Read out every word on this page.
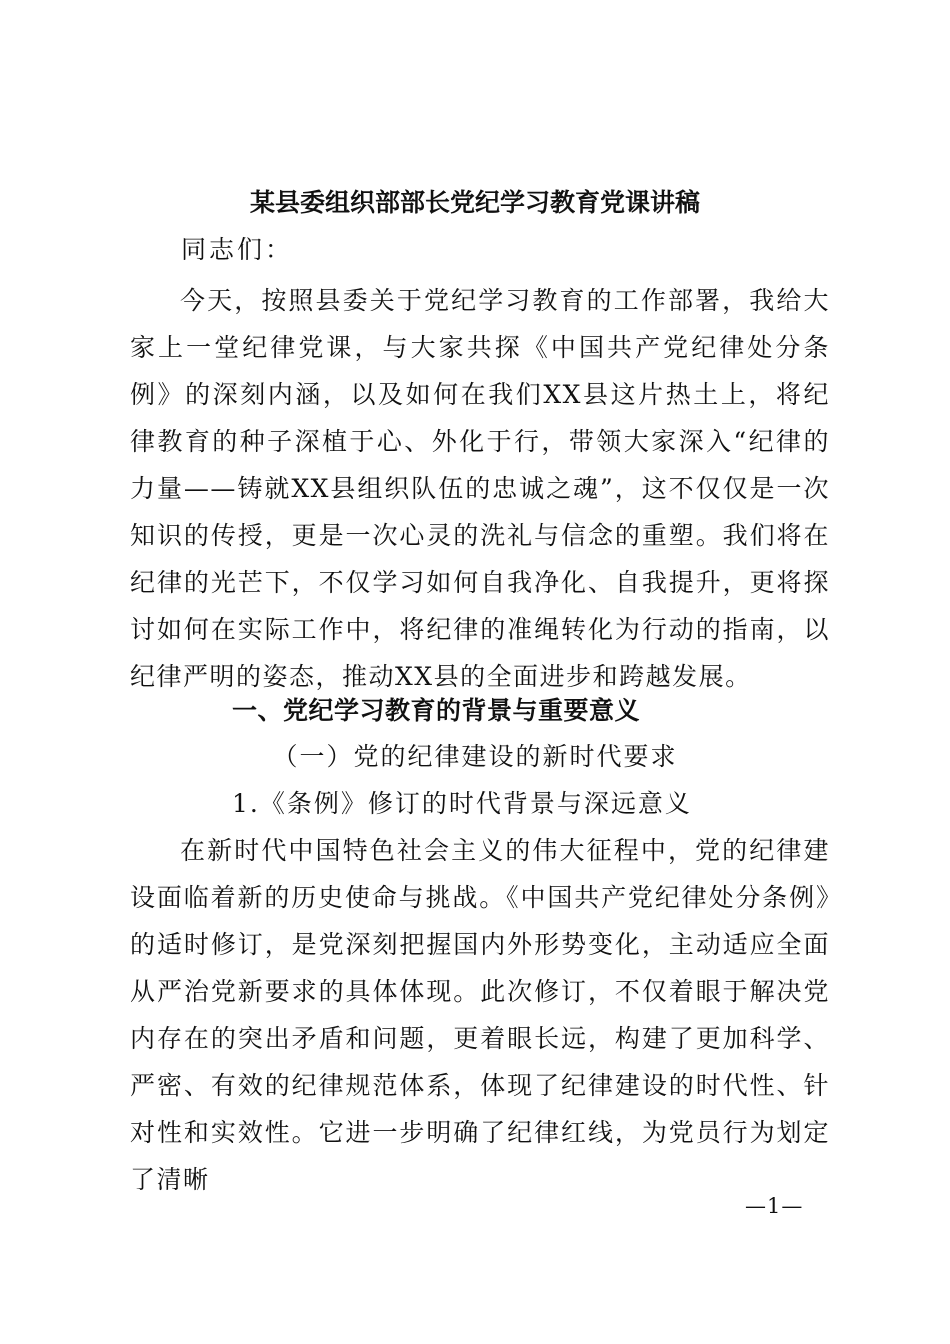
某县委组织部部长党纪学习教育党课讲稿
同志们：

今天，按照县委关于党纪学习教育的工作部署，我给大家上一堂纪律党课，与大家共探《中国共产党纪律处分条例》的深刻内涵，以及如何在我们XX县这片热土上，将纪律教育的种子深植于心、外化于行，带领大家深入“纪律的力量——铸就XX县组织队伍的忠诚之魂”，这不仅仅是一次知识的传授，更是一次心灵的洗礼与信念的重塑。我们将在纪律的光芒下，不仅学习如何自我净化、自我提升，更将探讨如何在实际工作中，将纪律的准绳转化为行动的指南，以纪律严明的姿态，推动XX县的全面进步和跨越发展。

一、党纪学习教育的背景与重要意义
（一）党的纪律建设的新时代要求
1.《条例》修订的时代背景与深远意义

在新时代中国特色社会主义的伟大征程中，党的纪律建设面临着新的历史使命与挑战。《中国共产党纪律处分条例》的适时修订，是党深刻把握国内外形势变化，主动适应全面从严治党新要求的具体体现。此次修订，不仅着眼于解决党内存在的突出矛盾和问题，更着眼长远，构建了更加科学、严密、有效的纪律规范体系，体现了纪律建设的时代性、针对性和实效性。它进一步明确了纪律红线，为党员行为划定了清晰

—1—
